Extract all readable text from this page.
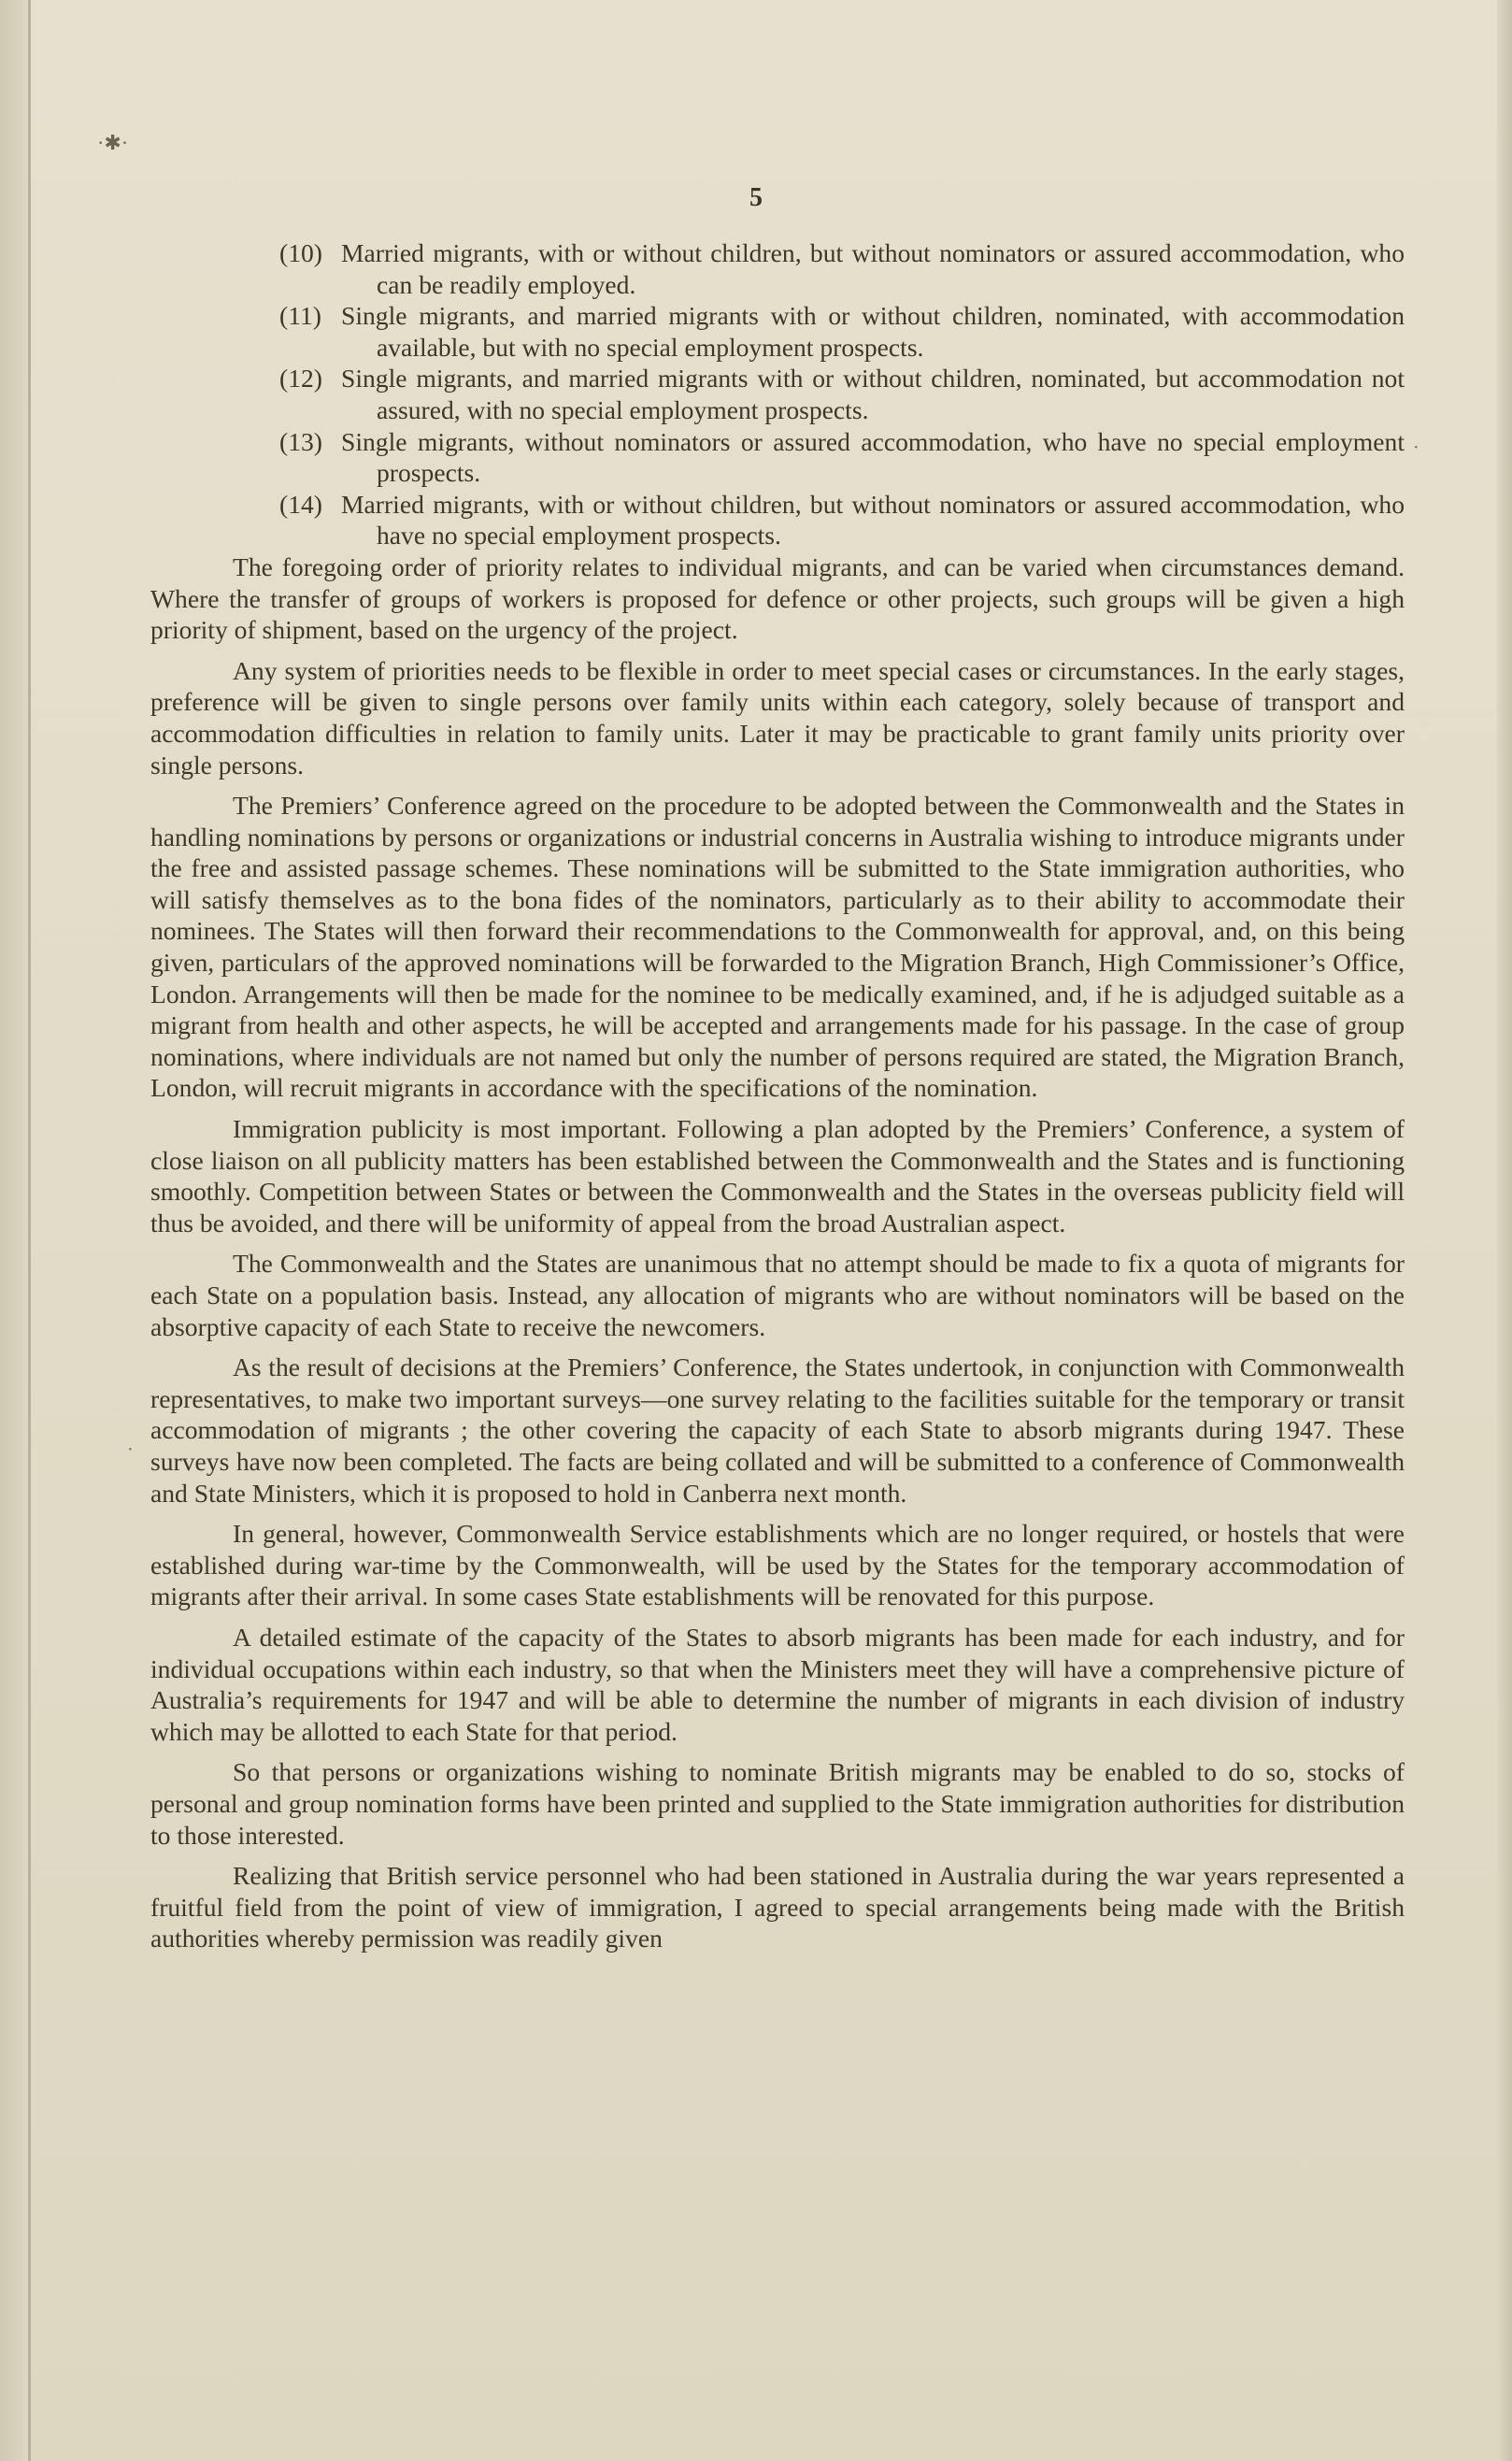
·✱·
·
·
5
(10) Married migrants, with or without children, but without nominators or assured accommodation, who can be readily employed.
(11) Single migrants, and married migrants with or without children, nominated, with accommodation available, but with no special employment prospects.
(12) Single migrants, and married migrants with or without children, nominated, but accommodation not assured, with no special employment prospects.
(13) Single migrants, without nominators or assured accommodation, who have no special employment prospects.
(14) Married migrants, with or without children, but without nominators or assured accommodation, who have no special employment prospects.

The foregoing order of priority relates to individual migrants, and can be varied when circumstances demand. Where the transfer of groups of workers is proposed for defence or other projects, such groups will be given a high priority of shipment, based on the urgency of the project.

Any system of priorities needs to be flexible in order to meet special cases or circumstances. In the early stages, preference will be given to single persons over family units within each category, solely because of transport and accommodation difficulties in relation to family units. Later it may be practicable to grant family units priority over single persons.

The Premiers’ Conference agreed on the procedure to be adopted between the Commonwealth and the States in handling nominations by persons or organizations or industrial concerns in Australia wishing to introduce migrants under the free and assisted passage schemes. These nominations will be submitted to the State immigration authorities, who will satisfy themselves as to the bona fides of the nominators, particularly as to their ability to accommodate their nominees. The States will then forward their recommendations to the Commonwealth for approval, and, on this being given, particulars of the approved nominations will be forwarded to the Migration Branch, High Commissioner’s Office, London. Arrangements will then be made for the nominee to be medically examined, and, if he is adjudged suitable as a migrant from health and other aspects, he will be accepted and arrangements made for his passage. In the case of group nominations, where individuals are not named but only the number of persons required are stated, the Migration Branch, London, will recruit migrants in accordance with the specifications of the nomination.

Immigration publicity is most important. Following a plan adopted by the Premiers’ Conference, a system of close liaison on all publicity matters has been established between the Commonwealth and the States and is functioning smoothly. Competition between States or between the Commonwealth and the States in the overseas publicity field will thus be avoided, and there will be uniformity of appeal from the broad Australian aspect.

The Commonwealth and the States are unanimous that no attempt should be made to fix a quota of migrants for each State on a population basis. Instead, any allocation of migrants who are without nominators will be based on the absorptive capacity of each State to receive the newcomers.

As the result of decisions at the Premiers’ Conference, the States undertook, in conjunction with Commonwealth representatives, to make two important surveys—one survey relating to the facilities suitable for the temporary or transit accommodation of migrants ; the other covering the capacity of each State to absorb migrants during 1947. These surveys have now been completed. The facts are being collated and will be submitted to a conference of Commonwealth and State Ministers, which it is proposed to hold in Canberra next month.

In general, however, Commonwealth Service establishments which are no longer required, or hostels that were established during war-time by the Commonwealth, will be used by the States for the temporary accommodation of migrants after their arrival. In some cases State establishments will be renovated for this purpose.

A detailed estimate of the capacity of the States to absorb migrants has been made for each industry, and for individual occupations within each industry, so that when the Ministers meet they will have a comprehensive picture of Australia’s requirements for 1947 and will be able to determine the number of migrants in each division of industry which may be allotted to each State for that period.

So that persons or organizations wishing to nominate British migrants may be enabled to do so, stocks of personal and group nomination forms have been printed and supplied to the State immigration authorities for distribution to those interested.

Realizing that British service personnel who had been stationed in Australia during the war years represented a fruitful field from the point of view of immigration, I agreed to special arrangements being made with the British authorities whereby permission was readily given
